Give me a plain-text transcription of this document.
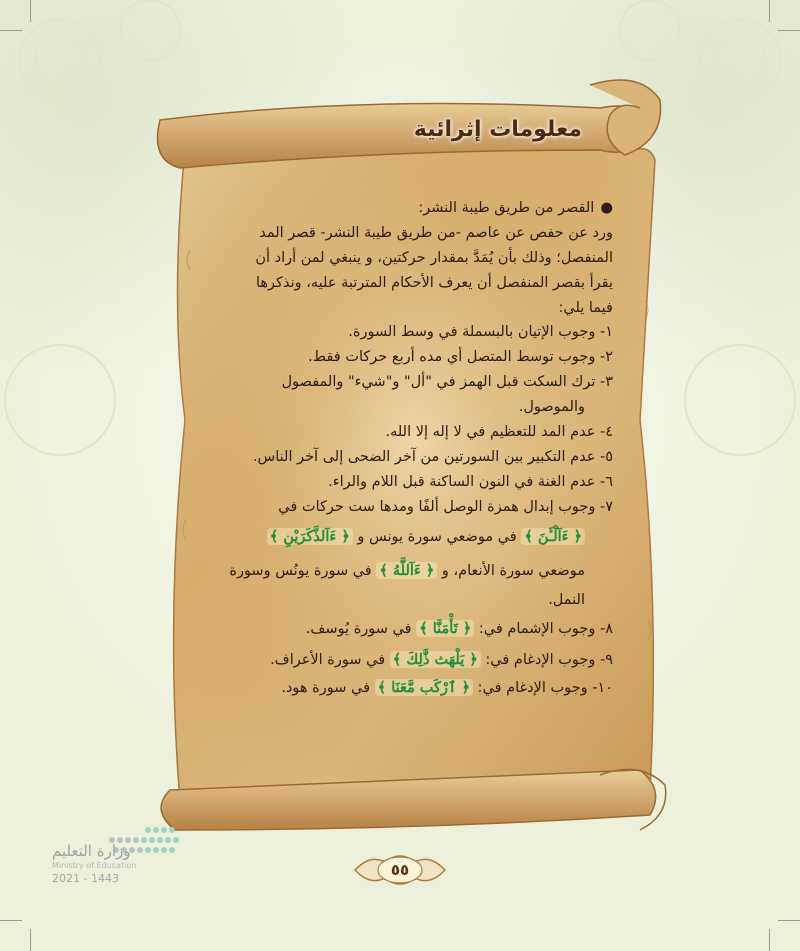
معلومات إثرائية
●القصر من طريق طيبة النشر:
ورد عن حفص عن عاصم -من طريق طيبة النشر- قصر المد
المنفصل؛ وذلك بأن يُمَدَّ بمقدار حركتين، و ينبغي لمن أراد أن
يقرأ بقصر المنفصل أن يعرف الأحكام المترتبة عليه، ونذكرها
فيما يلي:
١- وجوب الإتيان بالبسملة في وسط السورة.
٢- وجوب توسط المتصل أي مده أربع حركات فقط.
٣- ترك السكت قبل الهمز في "أل" و"شيء" والمفصول
والموصول.
٤- عدم المد للتعظيم في لا إله إلا الله.
٥- عدم التكبير بين السورتين من آخر الضحى إلى آخر الناس.
٦- عدم الغنة في النون الساكنة قبل اللام والراء.
٧- وجوب إبدال همزة الوصل ألفًا ومدها ست حركات في
﴿ ءَآلْـَٔنَ ﴾ في موضعي سورة يونس و ﴿ ءَآلذَّكَرَيْنِ ﴾
موضعي سورة الأنعام، و ﴿ ءَآللَّهُ ﴾ في سورة يونُس وسورة
النمل.
٨- وجوب الإشمام في: ﴿ تَأْمَنَّا ﴾ في سورة يُوسف.
٩- وجوب الإدغام في: ﴿ يَلْهَث ذَّٰلِكَ ﴾ في سورة الأعراف.
١٠- وجوب الإدغام في: ﴿ ٱرْكَب مَّعَنَا ﴾ في سورة هود.
وزارة التعليم
Ministry of Education
2021 - 1443	٥٥
